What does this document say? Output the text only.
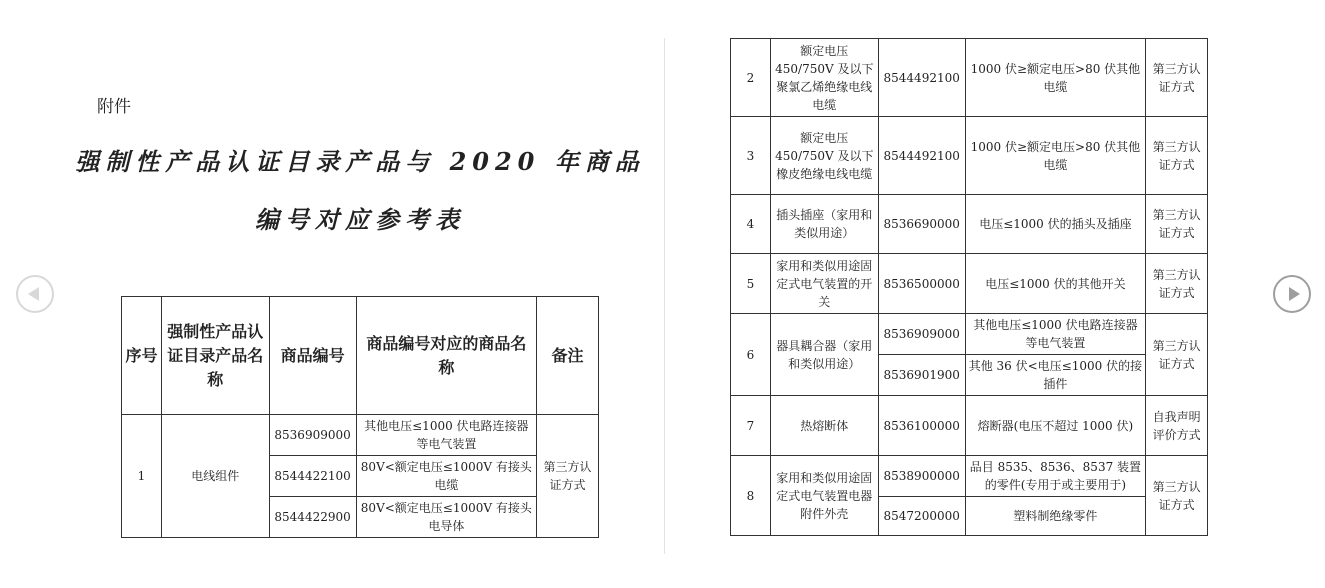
附件
强制性产品认证目录产品与 2020 年商品
编号对应参考表
序号	强制性产品认证目录产品名称	商品编号	商品编号对应的商品名称	备注
1	电线组件	8536909000	其他电压≤1000 伏电路连接器等电气装置	第三方认证方式
		8544422100	80V<额定电压≤1000V 有接头电缆	
		8544422900	80V<额定电压≤1000V 有接头电导体	
2	额定电压 450/750V 及以下聚氯乙烯绝缘电线电缆	8544492100	1000 伏≥额定电压>80 伏其他电缆	第三方认证方式
3	额定电压 450/750V 及以下橡皮绝缘电线电缆	8544492100	1000 伏≥额定电压>80 伏其他电缆	第三方认证方式
4	插头插座（家用和类似用途）	8536690000	电压≤1000 伏的插头及插座	第三方认证方式
5	家用和类似用途固定式电气装置的开关	8536500000	电压≤1000 伏的其他开关	第三方认证方式
6	器具耦合器（家用和类似用途）	8536909000	其他电压≤1000 伏电路连接器等电气装置	第三方认证方式
		8536901900	其他 36 伏<电压≤1000 伏的接插件	
7	热熔断体	8536100000	熔断器(电压不超过 1000 伏)	自我声明评价方式
8	家用和类似用途固定式电气装置电器附件外壳	8538900000	品目 8535、8536、8537 装置的零件(专用于或主要用于)	第三方认证方式
		8547200000	塑料制绝缘零件	
